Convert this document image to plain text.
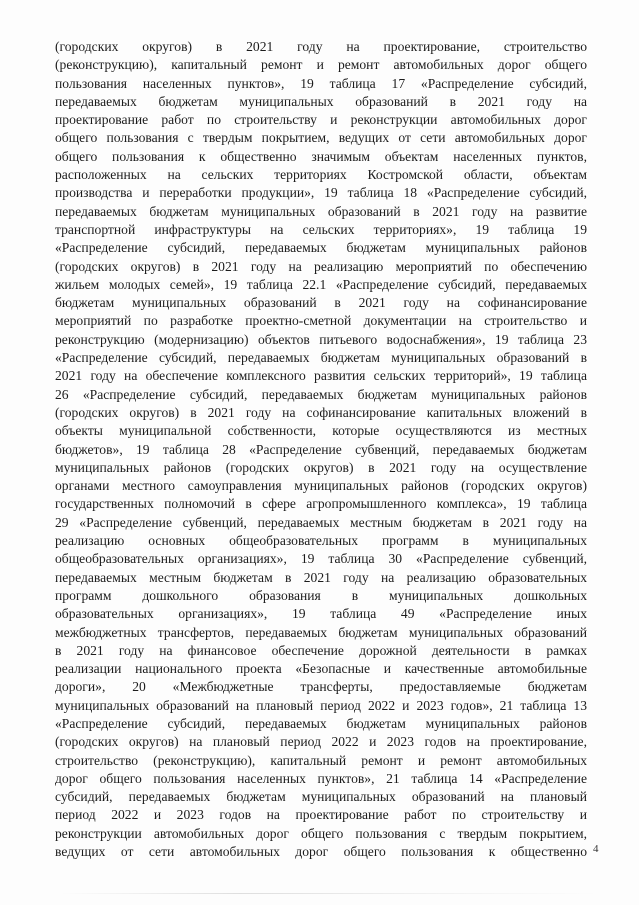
(городских округов) в 2021 году на проектирование, строительство
(реконструкцию), капитальный ремонт и ремонт автомобильных дорог общего
пользования населенных пунктов», 19 таблица 17 «Распределение субсидий,
передаваемых бюджетам муниципальных образований в 2021 году на
проектирование работ по строительству и реконструкции автомобильных дорог
общего пользования с твердым покрытием, ведущих от сети автомобильных дорог
общего пользования к общественно значимым объектам населенных пунктов,
расположенных на сельских территориях Костромской области, объектам
производства и переработки продукции», 19 таблица 18 «Распределение субсидий,
передаваемых бюджетам муниципальных образований в 2021 году на развитие
транспортной инфраструктуры на сельских территориях», 19 таблица 19
«Распределение субсидий, передаваемых бюджетам муниципальных районов
(городских округов) в 2021 году на реализацию мероприятий по обеспечению
жильем молодых семей», 19 таблица 22.1 «Распределение субсидий, передаваемых
бюджетам муниципальных образований в 2021 году на софинансирование
мероприятий по разработке проектно-сметной документации на строительство и
реконструкцию (модернизацию) объектов питьевого водоснабжения», 19 таблица 23
«Распределение субсидий, передаваемых бюджетам муниципальных образований в
2021 году на обеспечение комплексного развития сельских территорий», 19 таблица
26 «Распределение субсидий, передаваемых бюджетам муниципальных районов
(городских округов) в 2021 году на софинансирование капитальных вложений в
объекты муниципальной собственности, которые осуществляются из местных
бюджетов», 19 таблица 28 «Распределение субвенций, передаваемых бюджетам
муниципальных районов (городских округов) в 2021 году на осуществление
органами местного самоуправления муниципальных районов (городских округов)
государственных полномочий в сфере агропромышленного комплекса», 19 таблица
29 «Распределение субвенций, передаваемых местным бюджетам в 2021 году на
реализацию основных общеобразовательных программ в муниципальных
общеобразовательных организациях», 19 таблица 30 «Распределение субвенций,
передаваемых местным бюджетам в 2021 году на реализацию образовательных
программ дошкольного образования в муниципальных дошкольных
образовательных организациях», 19 таблица 49 «Распределение иных
межбюджетных трансфертов, передаваемых бюджетам муниципальных образований
в 2021 году на финансовое обеспечение дорожной деятельности в рамках
реализации национального проекта «Безопасные и качественные автомобильные
дороги», 20 «Межбюджетные трансферты, предоставляемые бюджетам
муниципальных образований на плановый период 2022 и 2023 годов», 21 таблица 13
«Распределение субсидий, передаваемых бюджетам муниципальных районов
(городских округов) на плановый период 2022 и 2023 годов на проектирование,
строительство (реконструкцию), капитальный ремонт и ремонт автомобильных
дорог общего пользования населенных пунктов», 21 таблица 14 «Распределение
субсидий, передаваемых бюджетам муниципальных образований на плановый
период 2022 и 2023 годов на проектирование работ по строительству и
реконструкции автомобильных дорог общего пользования с твердым покрытием,
ведущих от сети автомобильных дорог общего пользования к общественно 4
